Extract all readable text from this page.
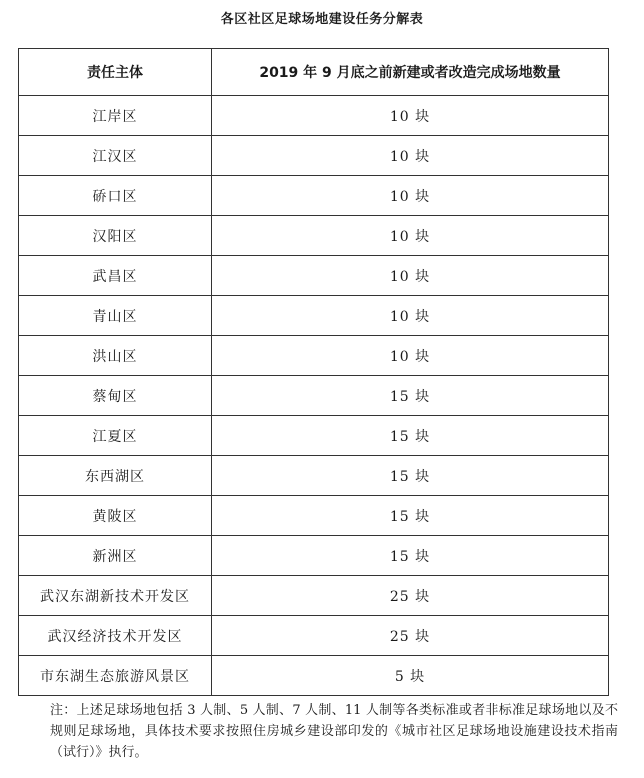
各区社区足球场地建设任务分解表
责任主体	2019 年 9 月底之前新建或者改造完成场地数量
江岸区	10 块
江汉区	10 块
硚口区	10 块
汉阳区	10 块
武昌区	10 块
青山区	10 块
洪山区	10 块
蔡甸区	15 块
江夏区	15 块
东西湖区	15 块
黄陂区	15 块
新洲区	15 块
武汉东湖新技术开发区	25 块
武汉经济技术开发区	25 块
市东湖生态旅游风景区	5 块
注：上述足球场地包括 3 人制、5 人制、7 人制、11 人制等各类标准或者非标准足球场地以及不规则足球场地，具体技术要求按照住房城乡建设部印发的《城市社区足球场地设施建设技术指南（试行）》执行。
